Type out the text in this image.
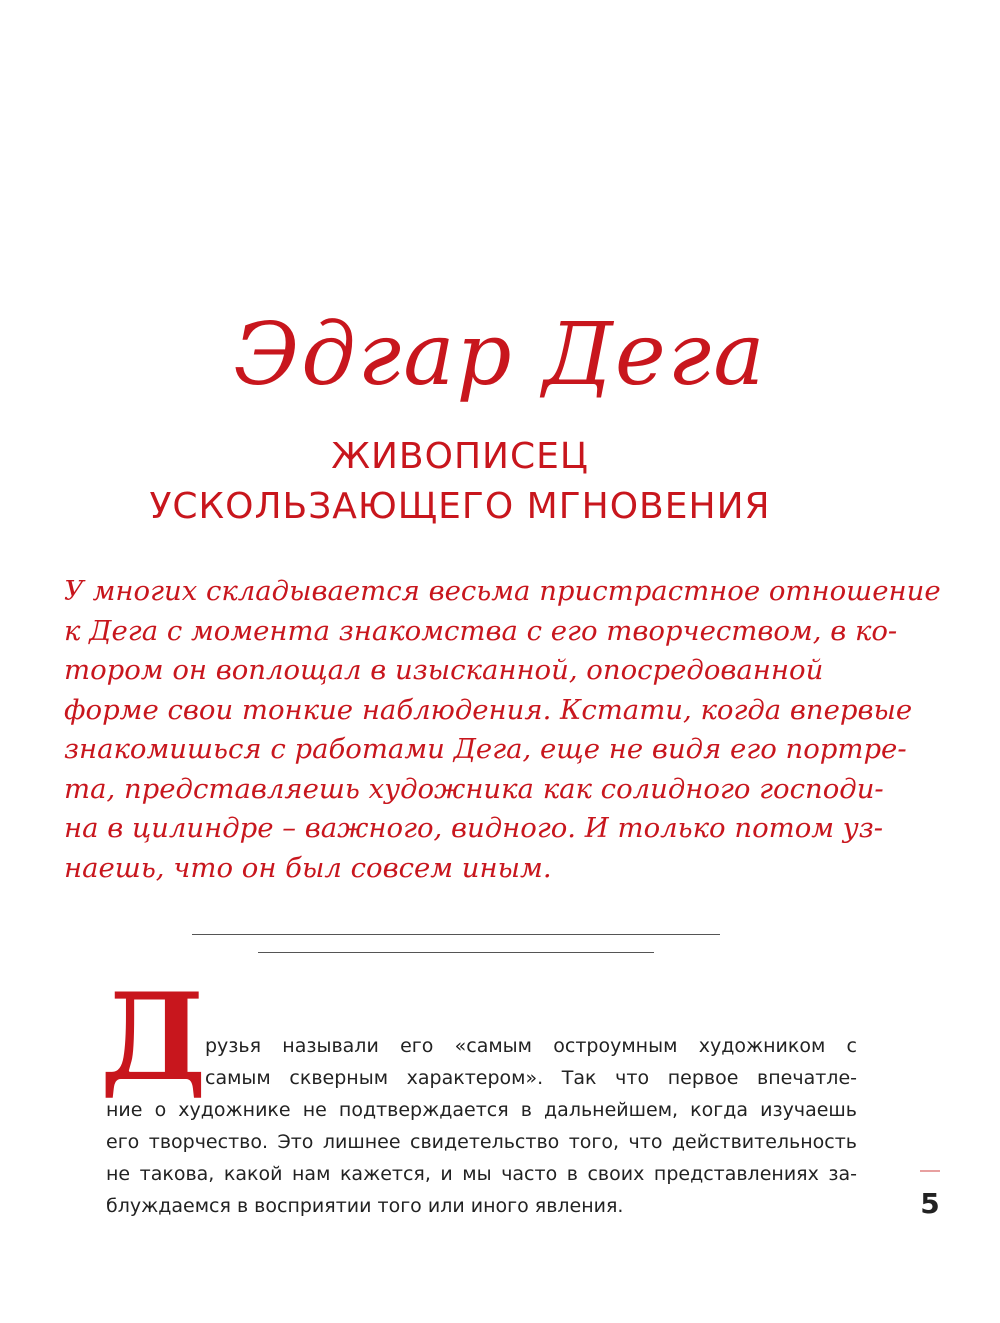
Эдгар Дега
ЖИВОПИСЕЦ
УСКОЛЬЗАЮЩЕГО МГНОВЕНИЯ

У многих складывается весьма пристрастное отношение
к Дега с момента знакомства с его творчеством, в ко-
тором он воплощал в изысканной, опосредованной
форме свои тонкие наблюдения. Кстати, когда впервые
знакомишься с работами Дега, еще не видя его портре-
та, представляешь художника как солидного господи-
на в цилиндре – важного, видного. И только потом уз-
наешь, что он был совсем иным.

Д

рузья называли его «самым остроумным художником с

самым скверным характером». Так что первое впечатле-

ние о художнике не подтверждается в дальнейшем, когда изучаешь

его творчество. Это лишнее свидетельство того, что действительность

не такова, какой нам кажется, и мы часто в своих представлениях за-

блуждаемся в восприятии того или иного явления.	5
